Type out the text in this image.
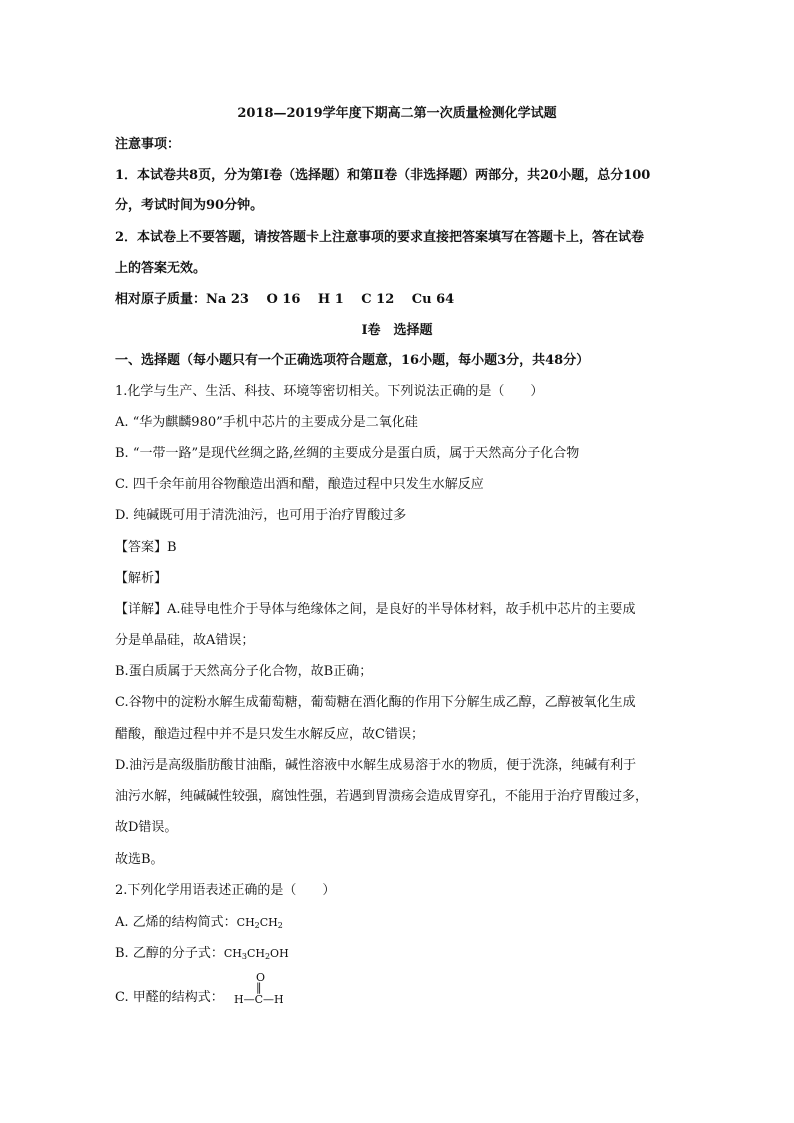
2018—2019学年度下期高二第一次质量检测化学试题
注意事项：
1．本试卷共8页，分为第Ⅰ卷（选择题）和第Ⅱ卷（非选择题）两部分，共20小题，总分100
分，考试时间为90分钟。
2．本试卷上不要答题，请按答题卡上注意事项的要求直接把答案填写在答题卡上，答在试卷
上的答案无效。
相对原子质量：Na 23　 O 16　 H 1　 C 12　 Cu 64
Ⅰ卷　选择题
一、选择题（每小题只有一个正确选项符合题意，16小题，每小题3分，共48分）
1.化学与生产、生活、科技、环境等密切相关。下列说法正确的是（　　）
A. “华为麒麟980”手机中芯片的主要成分是二氧化硅
B. “一带一路”是现代丝绸之路,丝绸的主要成分是蛋白质，属于天然高分子化合物
C. 四千余年前用谷物酿造出酒和醋，酿造过程中只发生水解反应
D. 纯碱既可用于清洗油污，也可用于治疗胃酸过多
【答案】B
【解析】
【详解】A.硅导电性介于导体与绝缘体之间，是良好的半导体材料，故手机中芯片的主要成
分是单晶硅，故A错误；
B.蛋白质属于天然高分子化合物，故B正确；
C.谷物中的淀粉水解生成葡萄糖，葡萄糖在酒化酶的作用下分解生成乙醇，乙醇被氧化生成
醋酸，酿造过程中并不是只发生水解反应，故C错误；
D.油污是高级脂肪酸甘油酯，碱性溶液中水解生成易溶于水的物质，便于洗涤，纯碱有利于
油污水解，纯碱碱性较强，腐蚀性强，若遇到胃溃疡会造成胃穿孔，不能用于治疗胃酸过多，
故D错误。
故选B。
2.下列化学用语表述正确的是（　　）
A. 乙烯的结构简式：$CH_2CH_2$
B. 乙醇的分子式：$CH_3CH_2OH$
C. 甲醛的结构式：
O
‖
H—C—H
